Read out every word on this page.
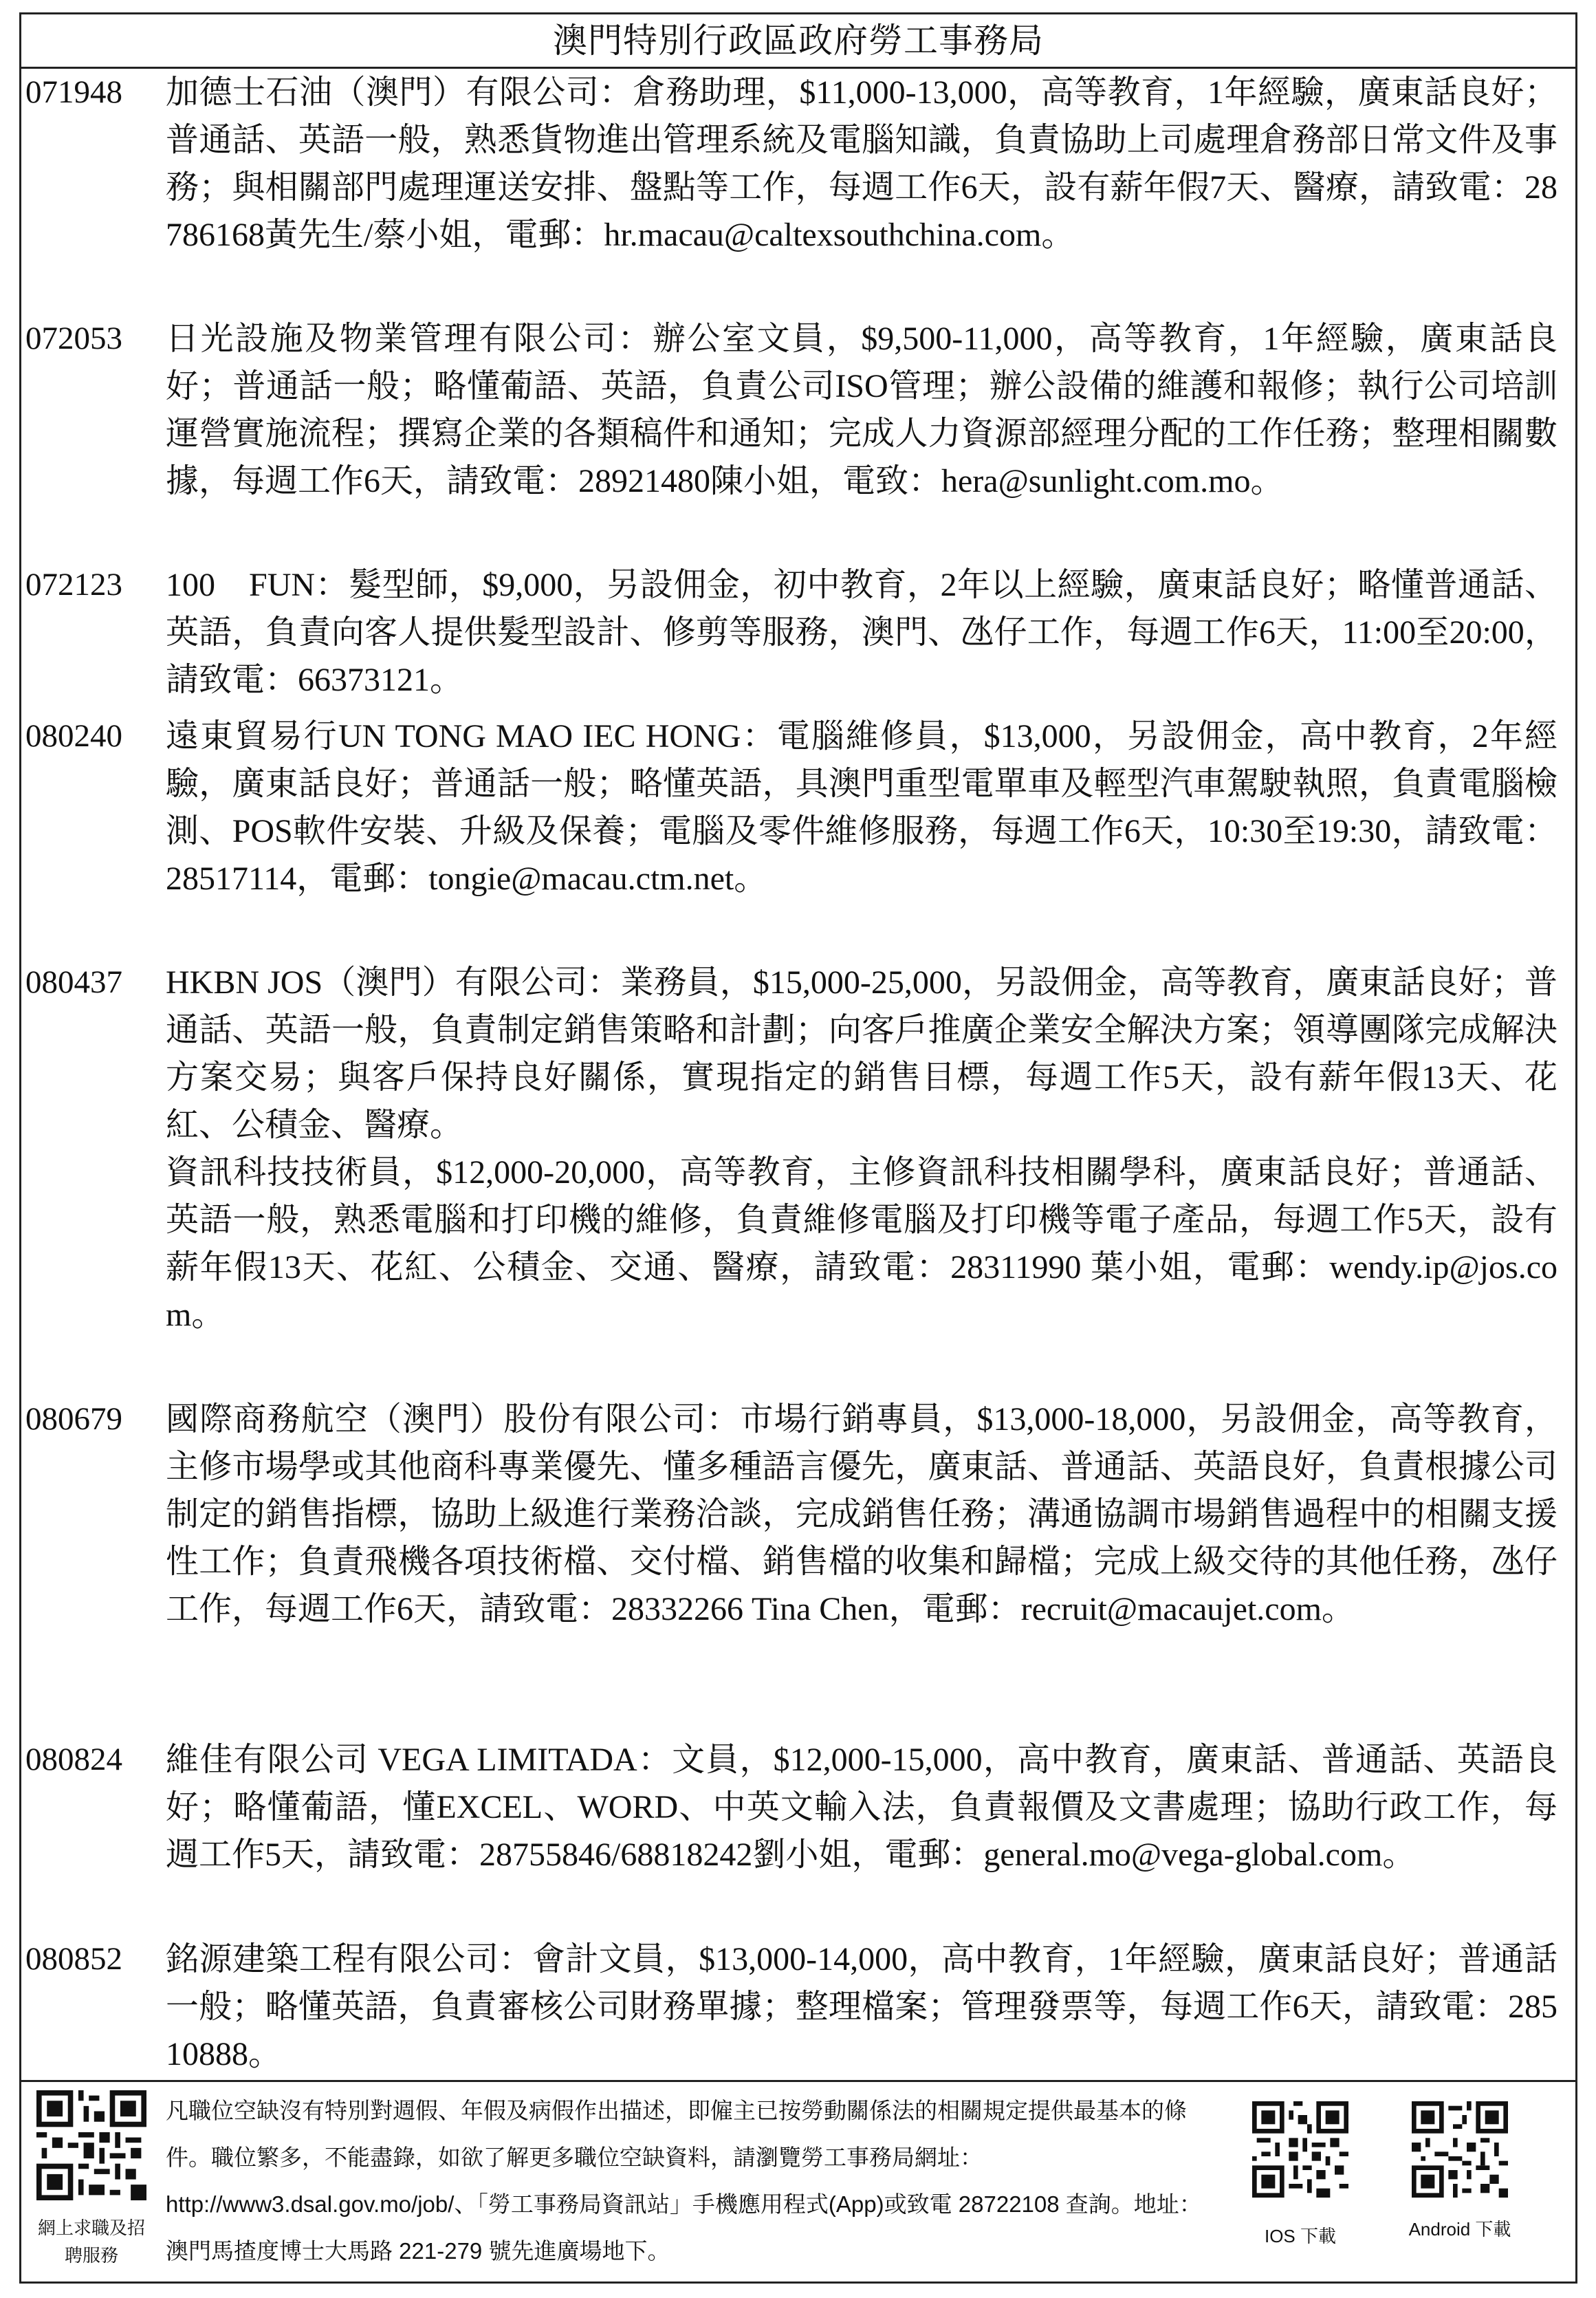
澳門特別行政區政府勞工事務局
071948 加德士石油（澳門）有限公司：倉務助理，$11,000-13,000，高等教育，1年經驗，廣東話良好；普通話、英語一般，熟悉貨物進出管理系統及電腦知識，負責協助上司處理倉務部日常文件及事務；與相關部門處理運送安排、盤點等工作，每週工作6天，設有薪年假7天、醫療，請致電：28786168黃先生/蔡小姐，電郵：hr.macau@caltexsouthchina.com。

072053 日光設施及物業管理有限公司：辦公室文員，$9,500-11,000，高等教育，1年經驗，廣東話良好；普通話一般；略懂葡語、英語，負責公司ISO管理；辦公設備的維護和報修；執行公司培訓運營實施流程；撰寫企業的各類稿件和通知；完成人力資源部經理分配的工作任務；整理相關數據，每週工作6天，請致電：28921480陳小姐，電致：hera@sunlight.com.mo。

072123 100　FUN：髮型師，$9,000，另設佣金，初中教育，2年以上經驗，廣東話良好；略懂普通話、英語，負責向客人提供髮型設計、修剪等服務，澳門、氹仔工作，每週工作6天，11:00至20:00，請致電：66373121。

080240 遠東貿易行UN TONG MAO IEC HONG：電腦維修員，$13,000，另設佣金，高中教育，2年經驗，廣東話良好；普通話一般；略懂英語，具澳門重型電單車及輕型汽車駕駛執照，負責電腦檢測、POS軟件安裝、升級及保養；電腦及零件維修服務，每週工作6天，10:30至19:30，請致電：28517114，電郵：tongie@macau.ctm.net。

080437 HKBN JOS（澳門）有限公司：業務員，$15,000-25,000，另設佣金，高等教育，廣東話良好；普通話、英語一般，負責制定銷售策略和計劃；向客戶推廣企業安全解決方案；領導團隊完成解決方案交易；與客戶保持良好關係，實現指定的銷售目標，每週工作5天，設有薪年假13天、花紅、公積金、醫療。

資訊科技技術員，$12,000-20,000，高等教育，主修資訊科技相關學科，廣東話良好；普通話、英語一般，熟悉電腦和打印機的維修，負責維修電腦及打印機等電子產品，每週工作5天，設有薪年假13天、花紅、公積金、交通、醫療，請致電：28311990 葉小姐，電郵：wendy.ip@jos.com。

080679 國際商務航空（澳門）股份有限公司：市場行銷專員，$13,000-18,000，另設佣金，高等教育，主修市場學或其他商科專業優先、懂多種語言優先，廣東話、普通話、英語良好，負責根據公司制定的銷售指標，協助上級進行業務洽談，完成銷售任務；溝通協調市場銷售過程中的相關支援性工作；負責飛機各項技術檔、交付檔、銷售檔的收集和歸檔；完成上級交待的其他任務，氹仔工作，每週工作6天，請致電：28332266 Tina Chen，電郵：recruit@macaujet.com。

080824 維佳有限公司 VEGA LIMITADA：文員，$12,000-15,000，高中教育，廣東話、普通話、英語良好；略懂葡語，懂EXCEL、WORD、中英文輸入法，負責報價及文書處理；協助行政工作，每週工作5天，請致電：28755846/68818242劉小姐，電郵：general.mo@vega-global.com。

080852 銘源建築工程有限公司：會計文員，$13,000-14,000，高中教育，1年經驗，廣東話良好；普通話一般；略懂英語，負責審核公司財務單據；整理檔案；管理發票等，每週工作6天，請致電：28510888。

網上求職及招聘服務
凡職位空缺沒有特別對週假、年假及病假作出描述，即僱主已按勞動關係法的相關規定提供最基本的條件。職位繁多，不能盡錄，如欲了解更多職位空缺資料，請瀏覽勞工事務局網址：http://www3.dsal.gov.mo/job/、「勞工事務局資訊站」手機應用程式(App)或致電 28722108 查詢。地址：澳門馬揸度博士大馬路 221-279 號先進廣場地下。
IOS 下載	Android 下載
